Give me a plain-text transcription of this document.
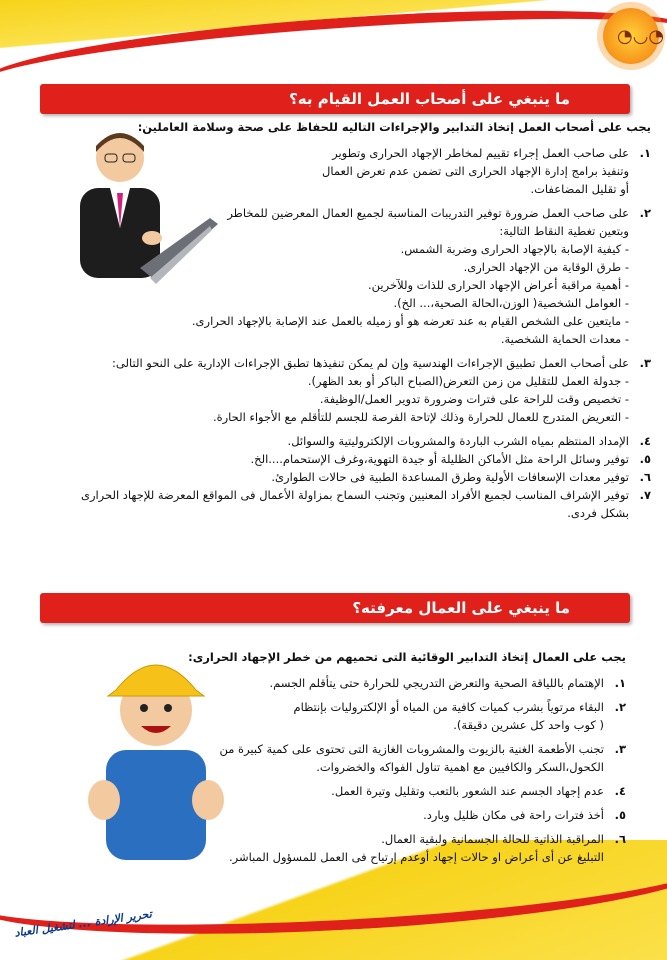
◔◡◔
تحرير الإرادة ... لتشغيل العباد
ما ينبغي على أصحاب العمل القيام به؟

يجب على أصحاب العمل إتخاذ التدابير والإجراءات التاليه للحفاظ على صحة وسلامة العاملين:

١.
على صاحب العمل إجراء تقييم لمخاطر الإجهاد الحرارى وتطوير
وتنفيذ برامج إدارة الإجهاد الحرارى التى تضمن عدم تعرض العمال
أو تقليل المضاعفات.
٢.
على صاحب العمل ضرورة توفير التدريبات المناسبة لجميع العمال المعرضين للمخاطر
وبتعين تغطية النقاط التالية:
- كيفية الإصابة بالإجهاد الحرارى وضربة الشمس.
- طرق الوقاية من الإجهاد الحرارى.
- أهمية مراقبة أعراض الإجهاد الحرارى للذات وللآخرين.
- العوامل الشخصية( الوزن،الحالة الصحية،... الخ).
- مايتعين على الشخص القيام به عند تعرضه هو أو زميله بالعمل عند الإصابة بالإجهاد الحرارى.
- معدات الحماية الشخصية.
٣.
على أصحاب العمل تطبيق الإجراءات الهندسية وإن لم يمكن تنفيذها تطبق الإجراءات الإدارية على النحو التالى:
- جدولة العمل للتقليل من زمن التعرض(الصباح الباكر أو بعد الظهر).
- تخصيص وقت للراحة على فترات وضرورة تدوير العمل/الوظيفة.
- التعريض المتدرج للعمال للحرارة وذلك لإتاحة الفرصة للجسم للتأقلم مع الأجواء الحارة.
٤.
الإمداد المنتظم بمياه الشرب الباردة والمشروبات الإلكتروليتية والسوائل.
٥.
توفير وسائل الراحة مثل الأماكن الظليلة أو جيدة التهوية،وغرف الإستحمام....الخ.
٦.
توفير معدات الإسعافات الأولية وطرق المساعدة الطبية فى حالات الطوارئ.
٧.
توفير الإشراف المناسب لجميع الأفراد المعنيين وتجنب السماح بمزاولة الأعمال فى المواقع المعرضة للإجهاد الحرارى
بشكل فردى.
ما ينبغي على العمال معرفته؟

يجب على العمال إتخاذ التدابير الوقائية التى تحميهم من خطر الإجهاد الحرارى:

١.
الإهتمام باللياقة الصحية والتعرض التدريجي للحرارة حتى يتأقلم الجسم.
٢.
البقاء مرتوياً بشرب كميات كافية من المياه أو الإلكتروليات بإنتظام
( كوب واحد كل عشرين دقيقة).
٣.
تجنب الأطعمة الغنية بالزيوت والمشروبات الغازية التى تحتوى على كمية كبيرة من
الكحول،السكر والكافيين مع اهمية تناول الفواكه والخضروات.
٤.
عدم إجهاد الجسم عند الشعور بالتعب وتقليل وتيرة العمل.
٥.
أخذ فترات راحة فى مكان ظليل وبارد.
٦.
المراقبة الذاتية للحالة الجسمانية ولبقية العمال.
التبليغ عن أى أعراض او حالات إجهاد أوعدم إرتياح فى العمل للمسؤول المباشر.
